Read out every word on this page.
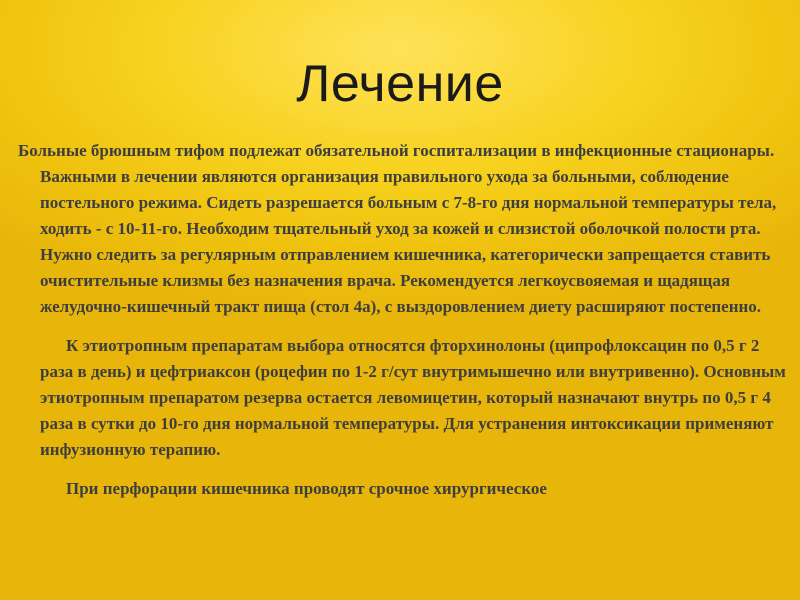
Лечение

Больные брюшным тифом подлежат обязательной госпитализации в инфекционные стационары. Важными в лечении являются организация правильного ухода за больными, соблюдение постельного режима. Сидеть разрешается больным с 7-8-го дня нормальной температуры тела, ходить - с 10-11-го. Необходим тщательный уход за кожей и слизистой оболочкой полости рта. Нужно следить за регулярным отправлением кишечника, категорически запрещается ставить очистительные клизмы без назначения врача. Рекомендуется легкоусвояемая и щадящая желудочно-кишечный тракт пища (стол 4а), с выздоровлением диету расширяют постепенно.

К этиотропным препаратам выбора относятся фторхинолоны (ципрофлоксацин по 0,5 г 2 раза в день) и цефтриаксон (роцефин по 1-2 г/сут внутримышечно или внутривенно). Основным этиотропным препаратом резерва остается левомицетин, который назначают внутрь по 0,5 г 4 раза в сутки до 10-го дня нормальной температуры. Для устранения интоксикации применяют инфузионную терапию.

При перфорации кишечника проводят срочное хирургическое
